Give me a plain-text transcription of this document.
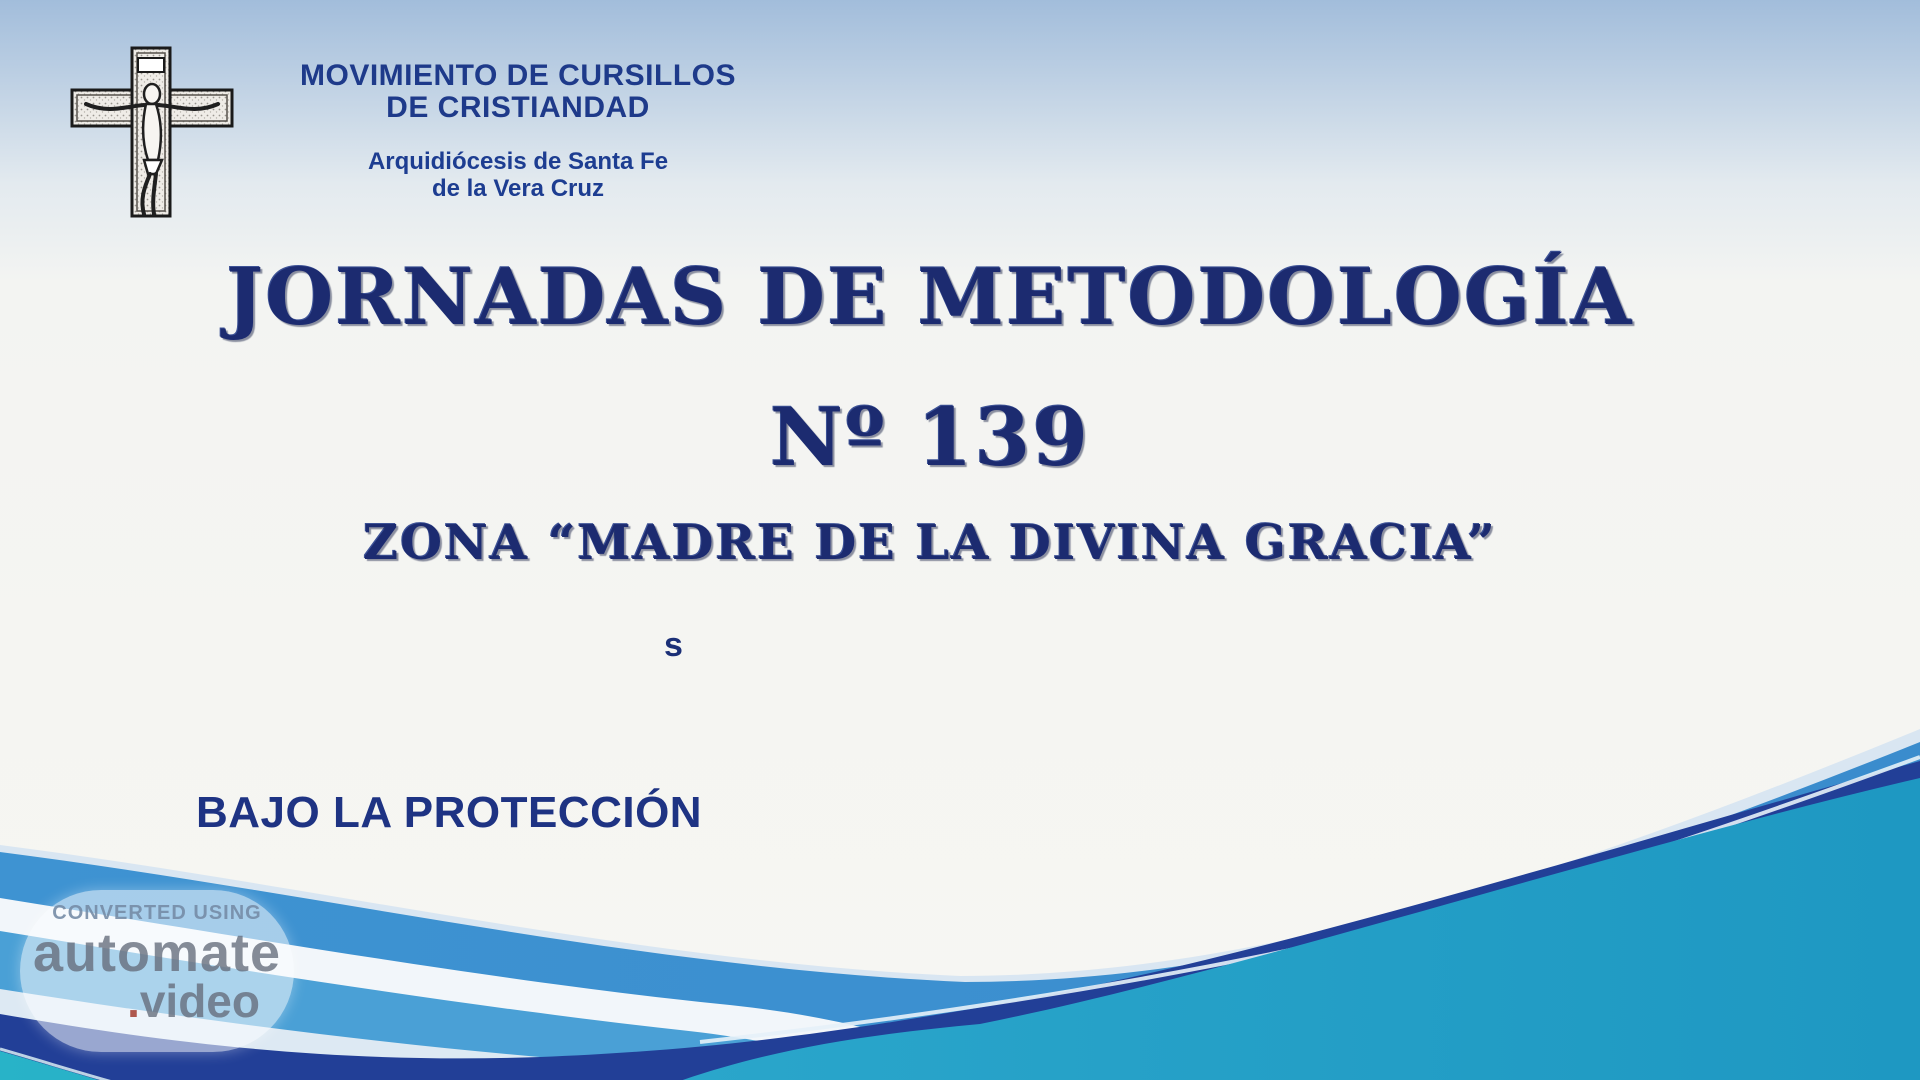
MOVIMIENTO DE CURSILLOS
DE CRISTIANDAD
Arquidiócesis de Santa Fe
de la Vera Cruz
JORNADAS DE METODOLOGÍA
Nº 139
ZONA “MADRE DE LA DIVINA GRACIA”
s
BAJO LA PROTECCIÓN
CONVERTED USING
automate
.video
